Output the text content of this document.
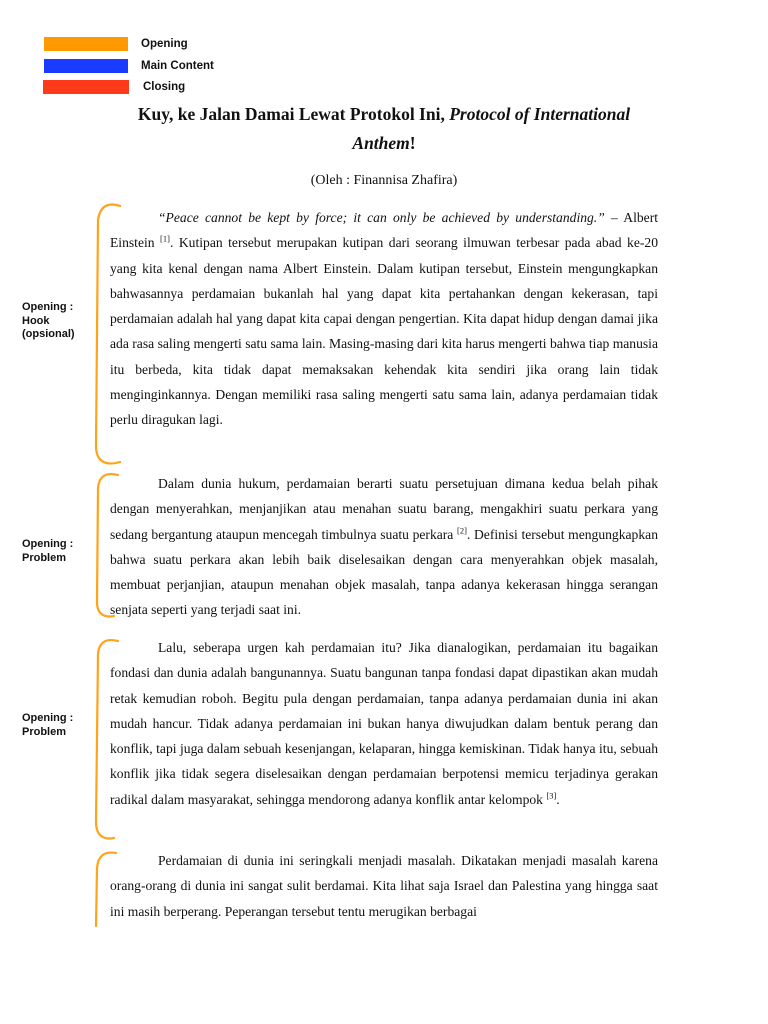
Opening
Main Content
Closing
Kuy, ke Jalan Damai Lewat Protokol Ini, Protocol of International Anthem!
(Oleh : Finannisa Zhafira)
Opening :
Hook
(opsional)
Opening :
Problem
Opening :
Problem

“Peace cannot be kept by force; it can only be achieved by understanding.” – Albert Einstein [1]. Kutipan tersebut merupakan kutipan dari seorang ilmuwan terbesar pada abad ke-20 yang kita kenal dengan nama Albert Einstein. Dalam kutipan tersebut, Einstein mengungkapkan bahwasannya perdamaian bukanlah hal yang dapat kita pertahankan dengan kekerasan, tapi perdamaian adalah hal yang dapat kita capai dengan pengertian. Kita dapat hidup dengan damai jika ada rasa saling mengerti satu sama lain. Masing-masing dari kita harus mengerti bahwa tiap manusia itu berbeda, kita tidak dapat memaksakan kehendak kita sendiri jika orang lain tidak menginginkannya. Dengan memiliki rasa saling mengerti satu sama lain, adanya perdamaian tidak perlu diragukan lagi.

Dalam dunia hukum, perdamaian berarti suatu persetujuan dimana kedua belah pihak dengan menyerahkan, menjanjikan atau menahan suatu barang, mengakhiri suatu perkara yang sedang bergantung ataupun mencegah timbulnya suatu perkara [2]. Definisi tersebut mengungkapkan bahwa suatu perkara akan lebih baik diselesaikan dengan cara menyerahkan objek masalah, membuat perjanjian, ataupun menahan objek masalah, tanpa adanya kekerasan hingga serangan senjata seperti yang terjadi saat ini.

Lalu, seberapa urgen kah perdamaian itu? Jika dianalogikan, perdamaian itu bagaikan fondasi dan dunia adalah bangunannya. Suatu bangunan tanpa fondasi dapat dipastikan akan mudah retak kemudian roboh. Begitu pula dengan perdamaian, tanpa adanya perdamaian dunia ini akan mudah hancur. Tidak adanya perdamaian ini bukan hanya diwujudkan dalam bentuk perang dan konflik, tapi juga dalam sebuah kesenjangan, kelaparan, hingga kemiskinan. Tidak hanya itu, sebuah konflik jika tidak segera diselesaikan dengan perdamaian berpotensi memicu terjadinya gerakan radikal dalam masyarakat, sehingga mendorong adanya konflik antar kelompok [3].

Perdamaian di dunia ini seringkali menjadi masalah. Dikatakan menjadi masalah karena orang-orang di dunia ini sangat sulit berdamai. Kita lihat saja Israel dan Palestina yang hingga saat ini masih berperang. Peperangan tersebut tentu merugikan berbagai
